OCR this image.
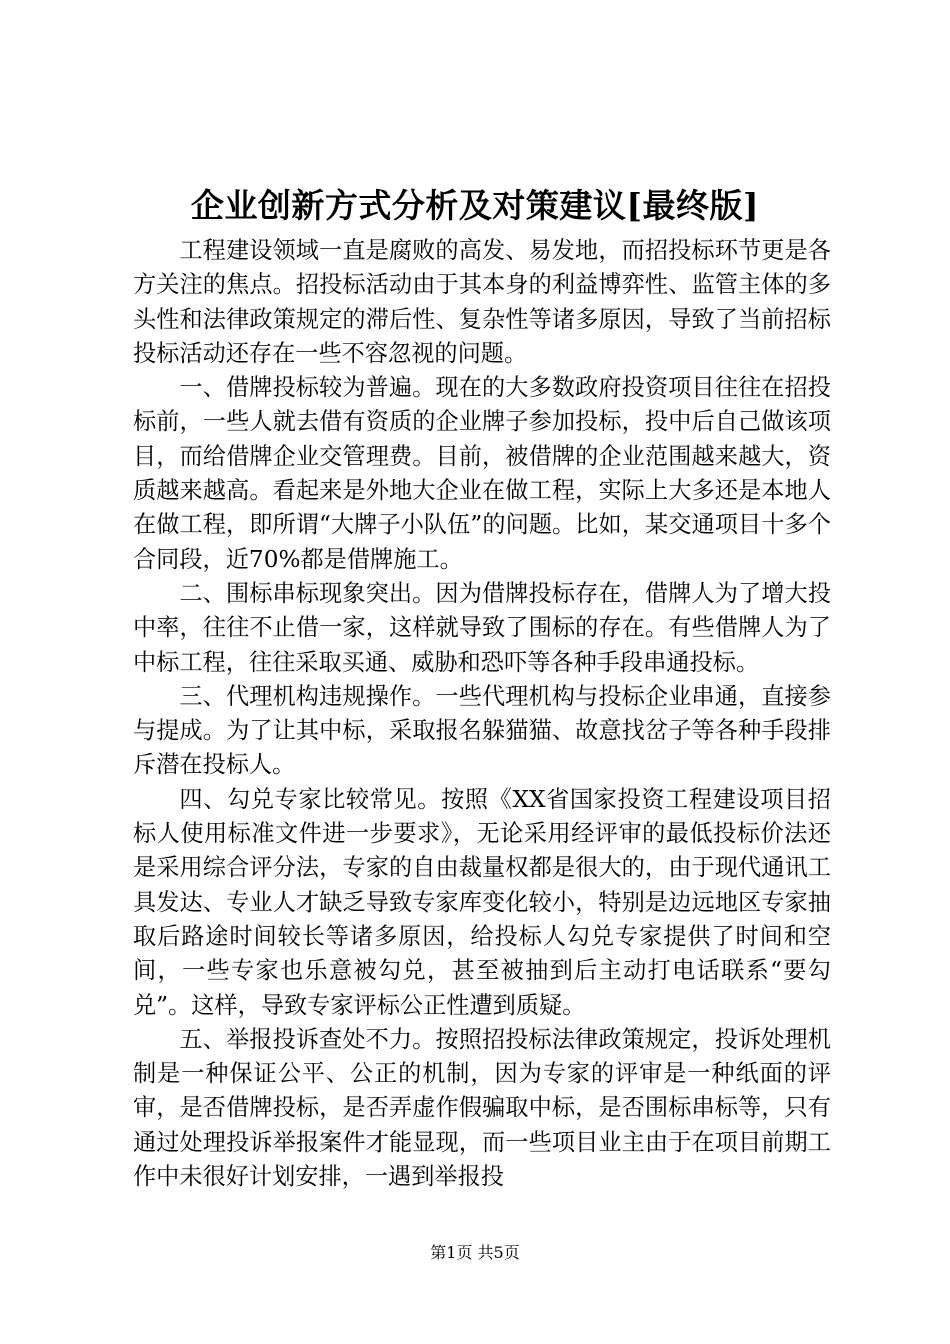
企业创新方式分析及对策建议[最终版]

工程建设领域一直是腐败的高发、易发地，而招投标环节更是各方关注的焦点。招投标活动由于其本身的利益博弈性、监管主体的多头性和法律政策规定的滞后性、复杂性等诸多原因，导致了当前招标投标活动还存在一些不容忽视的问题。

一、借牌投标较为普遍。现在的大多数政府投资项目往往在招投标前，一些人就去借有资质的企业牌子参加投标，投中后自己做该项目，而给借牌企业交管理费。目前，被借牌的企业范围越来越大，资质越来越高。看起来是外地大企业在做工程，实际上大多还是本地人在做工程，即所谓“大牌子小队伍”的问题。比如，某交通项目十多个合同段，近70%都是借牌施工。

二、围标串标现象突出。因为借牌投标存在，借牌人为了增大投中率，往往不止借一家，这样就导致了围标的存在。有些借牌人为了中标工程，往往采取买通、威胁和恐吓等各种手段串通投标。

三、代理机构违规操作。一些代理机构与投标企业串通，直接参与提成。为了让其中标，采取报名躲猫猫、故意找岔子等各种手段排斥潜在投标人。

四、勾兑专家比较常见。按照《XX省国家投资工程建设项目招标人使用标准文件进一步要求》，无论采用经评审的最低投标价法还是采用综合评分法，专家的自由裁量权都是很大的，由于现代通讯工具发达、专业人才缺乏导致专家库变化较小，特别是边远地区专家抽取后路途时间较长等诸多原因，给投标人勾兑专家提供了时间和空间，一些专家也乐意被勾兑，甚至被抽到后主动打电话联系“要勾兑”。这样，导致专家评标公正性遭到质疑。

五、举报投诉查处不力。按照招投标法律政策规定，投诉处理机制是一种保证公平、公正的机制，因为专家的评审是一种纸面的评审，是否借牌投标，是否弄虚作假骗取中标，是否围标串标等，只有通过处理投诉举报案件才能显现，而一些项目业主由于在项目前期工作中未很好计划安排，一遇到举报投

第1页 共5页
